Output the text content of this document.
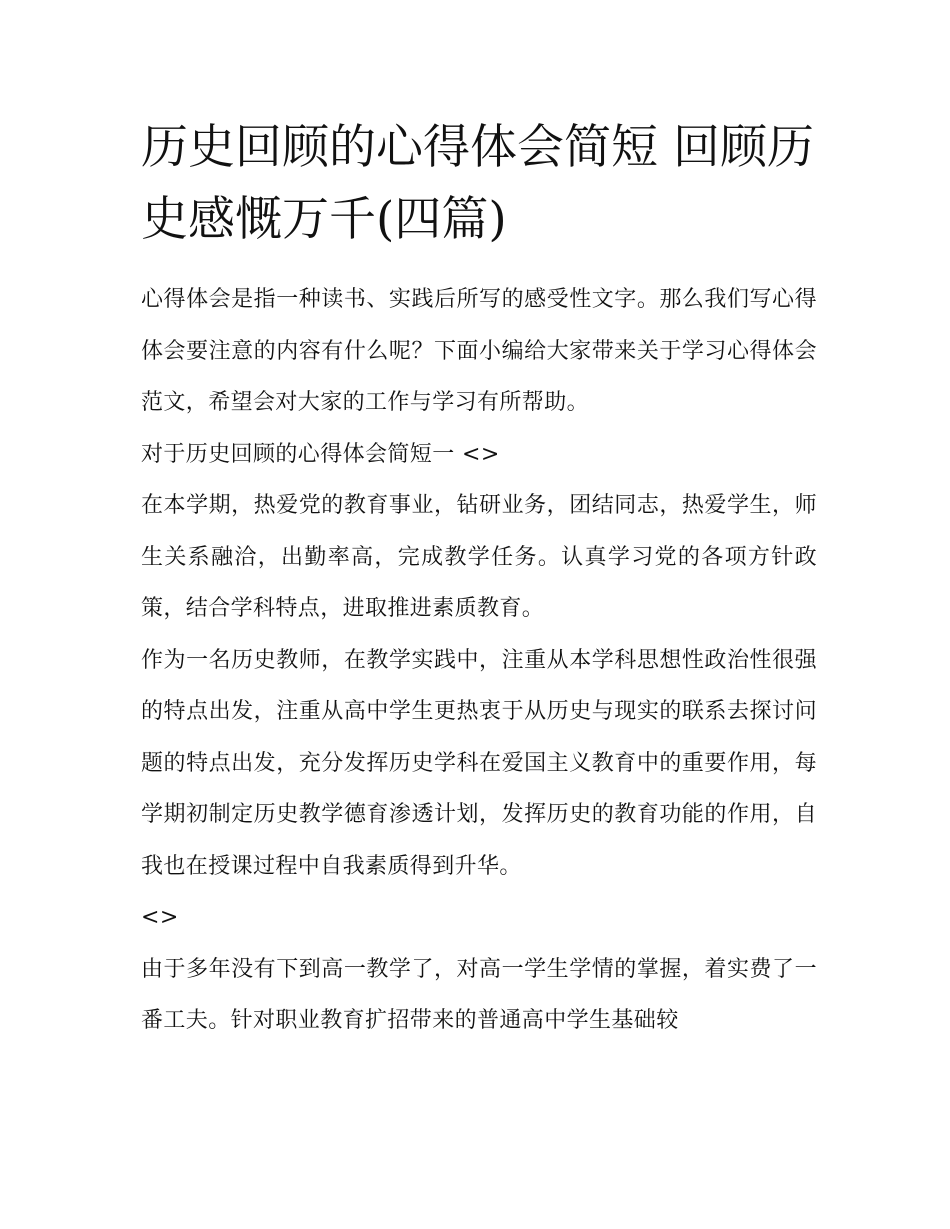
历史回顾的心得体会简短 回顾历史感慨万千(四篇)

心得体会是指一种读书、实践后所写的感受性文字。那么我们写心得体会要注意的内容有什么呢？下面小编给大家带来关于学习心得体会范文，希望会对大家的工作与学习有所帮助。

对于历史回顾的心得体会简短一 <>

在本学期，热爱党的教育事业，钻研业务，团结同志，热爱学生，师生关系融洽，出勤率高，完成教学任务。认真学习党的各项方针政策，结合学科特点，进取推进素质教育。

作为一名历史教师，在教学实践中，注重从本学科思想性政治性很强的特点出发，注重从高中学生更热衷于从历史与现实的联系去探讨问题的特点出发，充分发挥历史学科在爱国主义教育中的重要作用，每学期初制定历史教学德育渗透计划，发挥历史的教育功能的作用，自我也在授课过程中自我素质得到升华。

<>

由于多年没有下到高一教学了，对高一学生学情的掌握，着实费了一番工夫。针对职业教育扩招带来的普通高中学生基础较
